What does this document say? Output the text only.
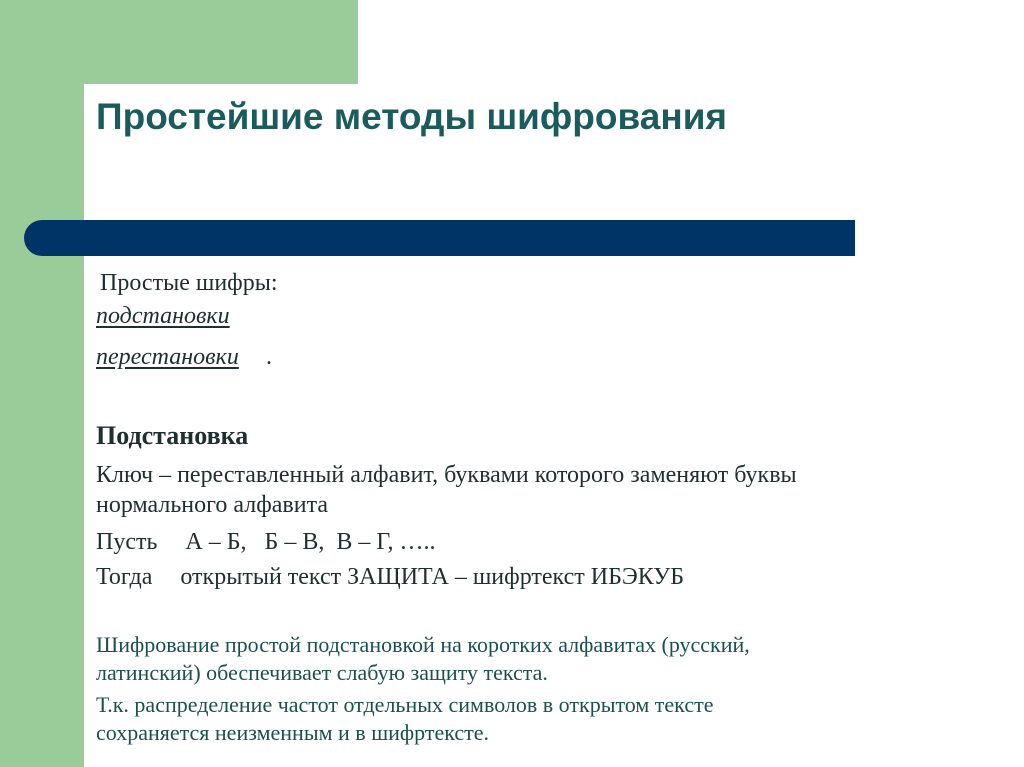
Простейшие методы шифрования
Простые шифры:
подстановки
перестановки .
Подстановка
Ключ – переставленный алфавит, буквами которого заменяют буквы
нормального алфавита
Пусть А – Б,   Б – В,  В – Г, …..
Тогда открытый текст ЗАЩИТА – шифртекст ИБЭКУБ
Шифрование простой подстановкой на коротких алфавитах (русский,
латинский) обеспечивает слабую защиту текста.
Т.к. распределение частот отдельных символов в открытом тексте
сохраняется неизменным и в шифртексте.
